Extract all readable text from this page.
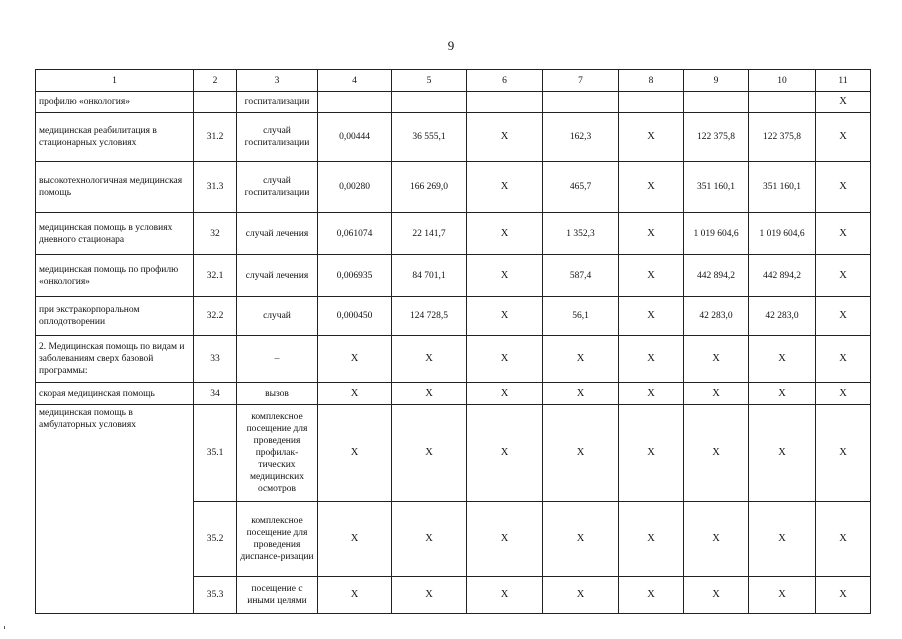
9
1	2	3	4	5	6	7	8	9	10	11
профилю «онкология»		госпитализации								X
медицинская реабилитация в стационарных условиях	31.2	случай госпитализации	0,00444	36 555,1	X	162,3	X	122 375,8	122 375,8	X
высокотехнологичная медицинская помощь	31.3	случай госпитализации	0,00280	166 269,0	X	465,7	X	351 160,1	351 160,1	X
медицинская помощь в условиях дневного стационара	32	случай лечения	0,061074	22 141,7	X	1 352,3	X	1 019 604,6	1 019 604,6	X
медицинская помощь по профилю «онкология»	32.1	случай лечения	0,006935	84 701,1	X	587,4	X	442 894,2	442 894,2	X
при экстракорпоральном оплодотворении	32.2	случай	0,000450	124 728,5	X	56,1	X	42 283,0	42 283,0	X
2. Медицинская помощь по видам и заболеваниям сверх базовой программы:	33	–	X	X	X	X	X	X	X	X
скорая медицинская помощь	34	вызов	X	X	X	X	X	X	X	X
медицинская помощь в амбулаторных условиях	35.1	комплексное посещение для проведения профилак-тических медицинских осмотров	X	X	X	X	X	X	X	X
	35.2	комплексное посещение для проведения диспансе-ризации	X	X	X	X	X	X	X	X
	35.3	посещение с иными целями	X	X	X	X	X	X	X	X
